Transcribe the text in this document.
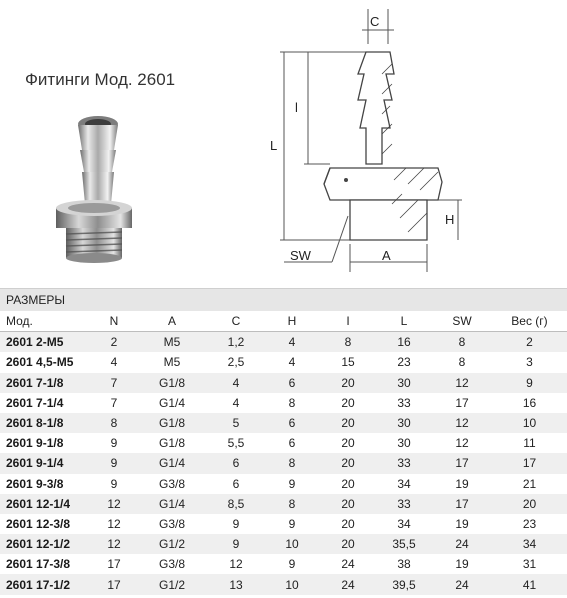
Фитинги Мод. 2601
C
L
l
H
SW	A
РАЗМЕРЫ
Мод.	N	A	C	H	I	L	SW	Вес (г)
2601 2-M5	2	M5	1,2	4	8	16	8	2
2601 4,5-M5	4	M5	2,5	4	15	23	8	3
2601 7-1/8	7	G1/8	4	6	20	30	12	9
2601 7-1/4	7	G1/4	4	8	20	33	17	16
2601 8-1/8	8	G1/8	5	6	20	30	12	10
2601 9-1/8	9	G1/8	5,5	6	20	30	12	11
2601 9-1/4	9	G1/4	6	8	20	33	17	17
2601 9-3/8	9	G3/8	6	9	20	34	19	21
2601 12-1/4	12	G1/4	8,5	8	20	33	17	20
2601 12-3/8	12	G3/8	9	9	20	34	19	23
2601 12-1/2	12	G1/2	9	10	20	35,5	24	34
2601 17-3/8	17	G3/8	12	9	24	38	19	31
2601 17-1/2	17	G1/2	13	10	24	39,5	24	41
